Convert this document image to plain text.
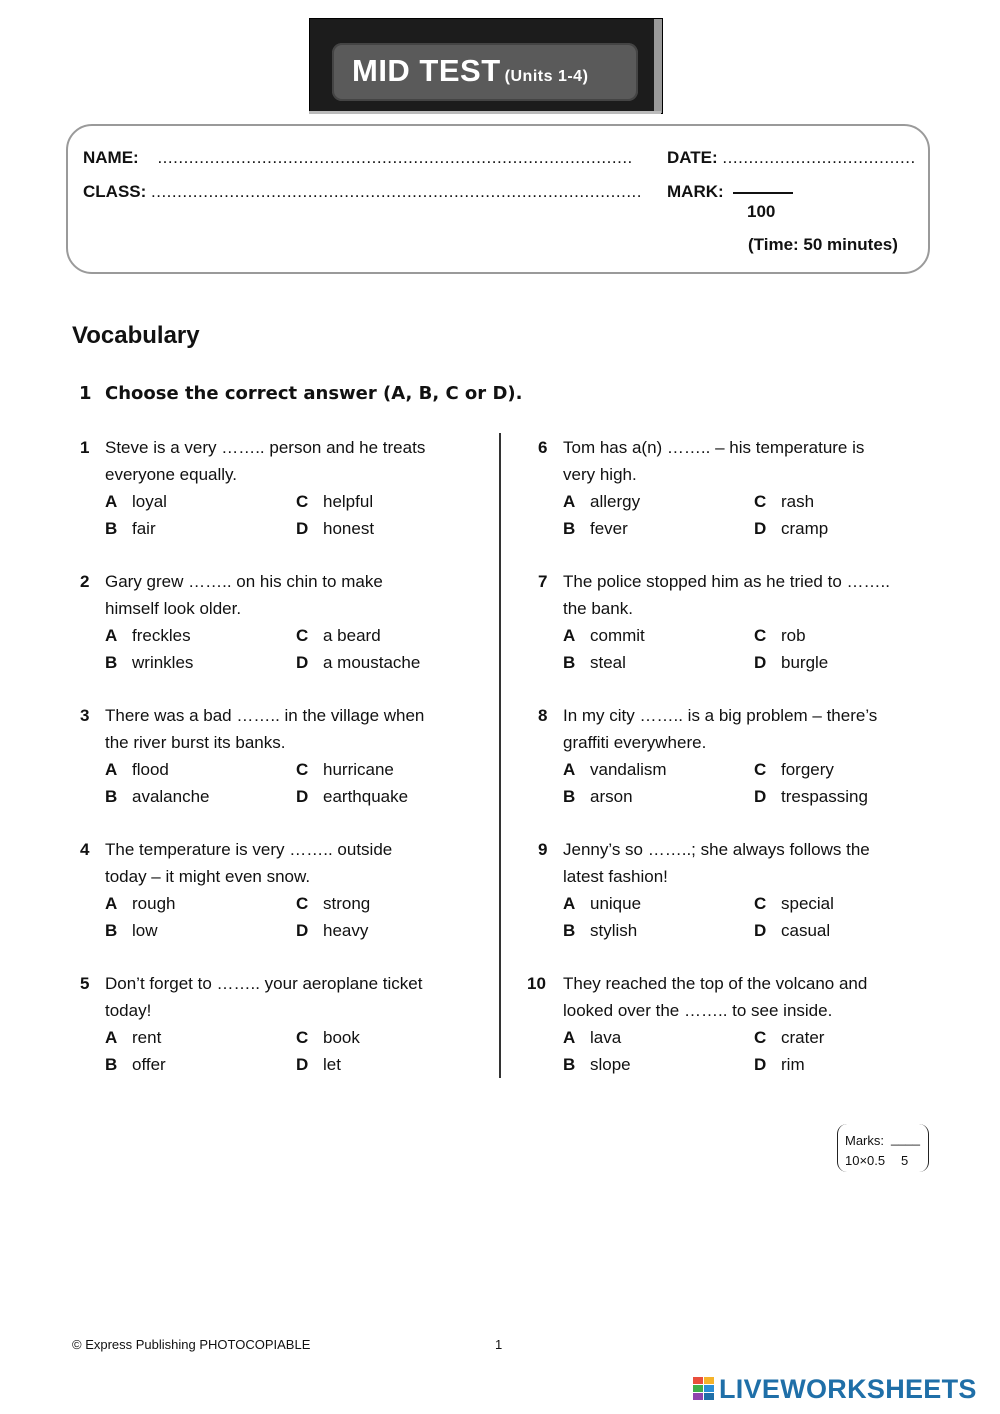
MID TEST (Units 1-4)
NAME: ...........................................................................................
CLASS: ..............................................................................................
DATE: .....................................
MARK:
100
(Time: 50 minutes)
Vocabulary
1 Choose the correct answer (A, B, C or D).
1 Steve is a very …….. person and he treats
everyone equally.
A loyal	C helpful
B fair	D honest
2 Gary grew …….. on his chin to make
himself look older.
A freckles	C a beard
B wrinkles	D a moustache
3 There was a bad …….. in the village when
the river burst its banks.
A flood	C hurricane
B avalanche	D earthquake
4 The temperature is very …….. outside
today – it might even snow.
A rough	C strong
B low	D heavy
5 Don’t forget to …….. your aeroplane ticket
today!
A rent	C book
B offer	D let
6 Tom has a(n) …….. – his temperature is
very high.
A allergy	C rash
B fever	D cramp
7 The police stopped him as he tried to ……..
the bank.
A commit	C rob
B steal	D burgle
8 In my city …….. is a big problem – there’s
graffiti everywhere.
A vandalism	C forgery
B arson	D trespassing
9 Jenny’s so ……..; she always follows the
latest fashion!
A unique	C special
B stylish	D casual
10 They reached the top of the volcano and
looked over the …….. to see inside.
A lava	C crater
B slope	D rim
Marks: ____
10×0.5 5
© Express Publishing PHOTOCOPIABLE	1
LIVEWORKSHEETS
